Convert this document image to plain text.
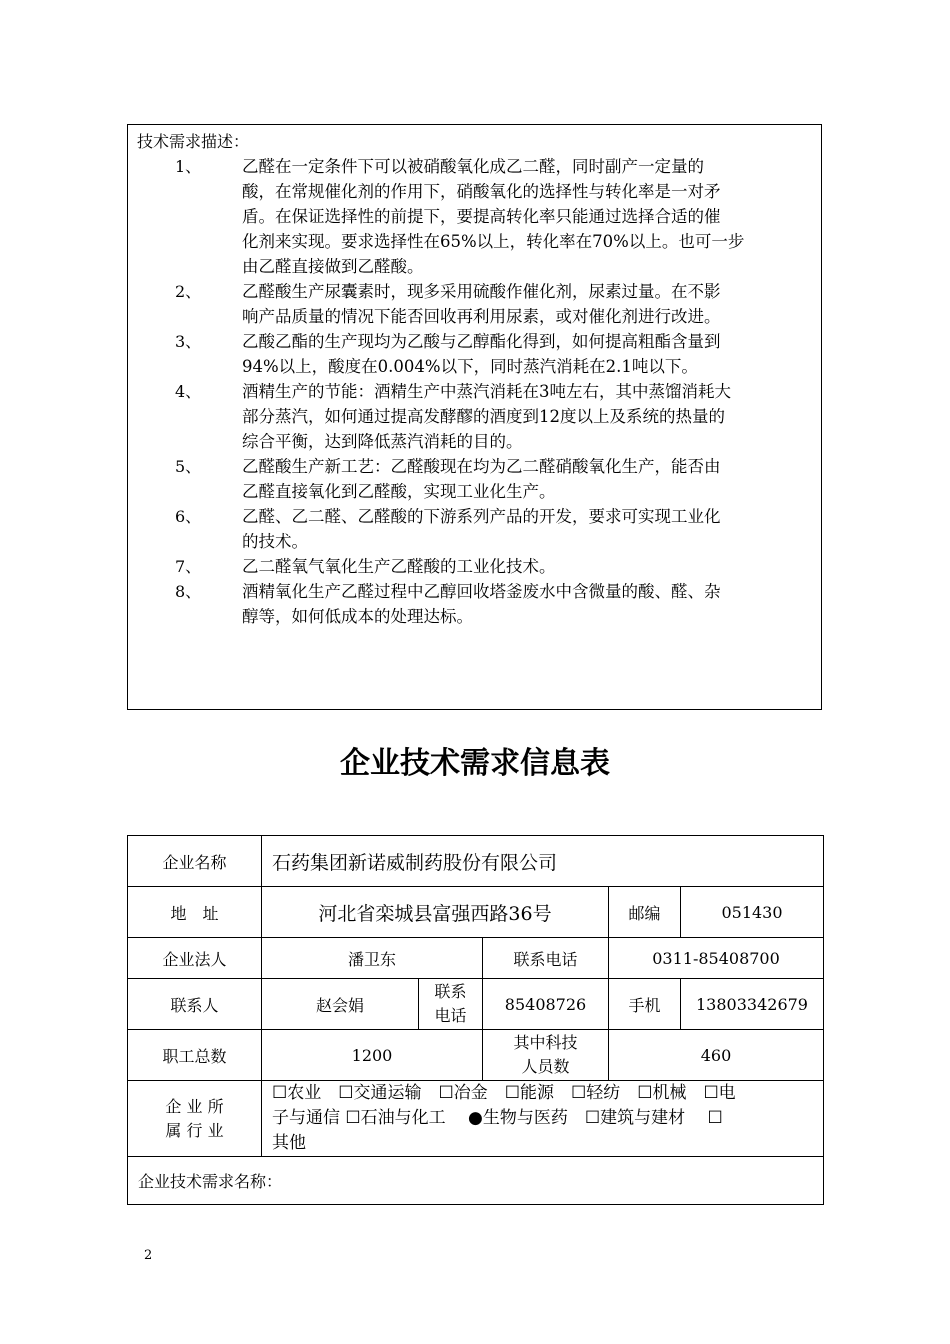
技术需求描述：
1、 乙醛在一定条件下可以被硝酸氧化成乙二醛，同时副产一定量的
酸，在常规催化剂的作用下，硝酸氧化的选择性与转化率是一对矛
盾。在保证选择性的前提下，要提高转化率只能通过选择合适的催
化剂来实现。要求选择性在65%以上，转化率在70%以上。也可一步
由乙醛直接做到乙醛酸。
2、 乙醛酸生产尿囊素时，现多采用硫酸作催化剂，尿素过量。在不影
响产品质量的情况下能否回收再利用尿素，或对催化剂进行改进。
3、 乙酸乙酯的生产现均为乙酸与乙醇酯化得到，如何提高粗酯含量到
94%以上，酸度在0.004%以下，同时蒸汽消耗在2.1吨以下。
4、 酒精生产的节能：酒精生产中蒸汽消耗在3吨左右，其中蒸馏消耗大
部分蒸汽，如何通过提高发酵醪的酒度到12度以上及系统的热量的
综合平衡，达到降低蒸汽消耗的目的。
5、 乙醛酸生产新工艺：乙醛酸现在均为乙二醛硝酸氧化生产，能否由
乙醛直接氧化到乙醛酸，实现工业化生产。
6、 乙醛、乙二醛、乙醛酸的下游系列产品的开发，要求可实现工业化
的技术。
7、 乙二醛氧气氧化生产乙醛酸的工业化技术。
8、 酒精氧化生产乙醛过程中乙醇回收塔釜废水中含微量的酸、醛、杂
醇等，如何低成本的处理达标。
企业技术需求信息表
企业名称	石药集团新诺威制药股份有限公司				
地　址	河北省栾城县富强西路36号			邮编	051430
企业法人	潘卫东		联系电话	0311-85408700	
联系人	赵会娟	联系
电话	85408726	手机	13803342679
职工总数	1200		其中科技
人员数	460	

企 业 所
属 行 业	☐农业　☐交通运输　☐冶金　☐能源　☐轻纺　☐机械　☐电
子与通信 ☐石油与化工　 ●生物与医药　☐建筑与建材　 ☐
其他				

企业技术需求名称：					
2
